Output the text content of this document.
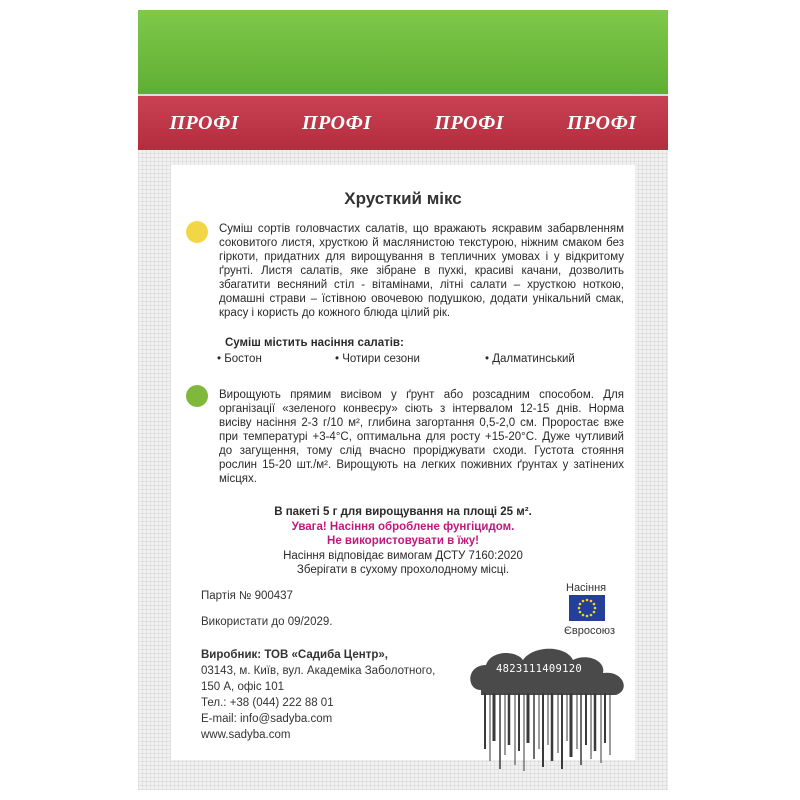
ПРОФІ	ПРОФІ	ПРОФІ	ПРОФІ
Хрусткий мікс
Суміш сортів головчастих салатів, що вражають яскравим забарвленням соковитого листя, хрусткою й маслянистою текстурою, ніжним смаком без гіркоти, придатних для вирощування в тепличних умовах і у відкритому ґрунті. Листя салатів, яке зібране в пухкі, красиві качани, дозволить збагатити весняний стіл - вітамінами, літні салати – хрусткою ноткою, домашні страви – їстівною овочевою подушкою, додати унікальний смак, красу і користь до кожного блюда цілий рік.
Суміш містить насіння салатів:
• Бостон	• Чотири сезони	• Далматинський
Вирощують прямим висівом у ґрунт або розсадним способом. Для організації «зеленого конвеєру» сіють з інтервалом 12-15 днів. Норма висіву насіння 2-3 г/10 м², глибина загортання 0,5-2,0 см. Проростає вже при температурі +3-4°С, оптимальна для росту +15-20°С. Дуже чутливий до загущення, тому слід вчасно проріджувати сходи. Густота стояння рослин 15-20 шт./м². Вирощують на легких поживних ґрунтах у затінених місцях.
В пакеті 5 г для вирощування на площі 25 м².
Увага! Насіння оброблене фунгіцидом.
Не використовувати в їжу!
Насіння відповідає вимогам ДСТУ 7160:2020
Зберігати в сухому прохолодному місці.
Партія № 900437
Використати до 09/2029.
Виробник: ТОВ «Садиба Центр»,
03143, м. Київ, вул. Академіка Заболотного,
150 А, офіс 101
Тел.: +38 (044) 222 88 01
E-mail: info@sadyba.com
www.sadyba.com
Насіння
Євросоюз
4823111409120
